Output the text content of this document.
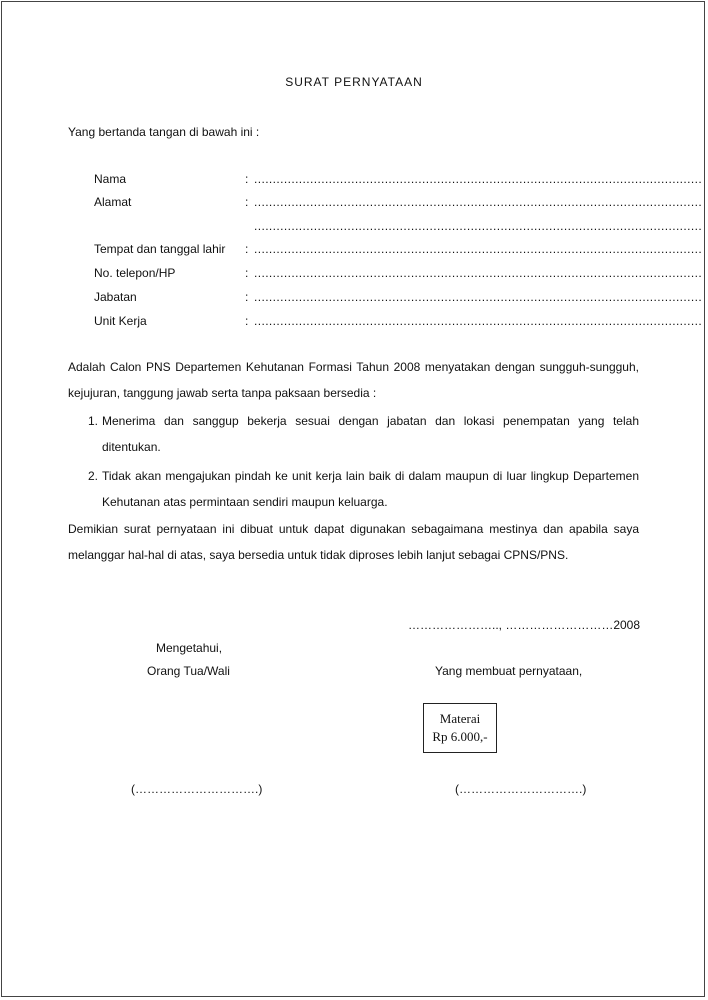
SURAT PERNYATAAN
Yang bertanda tangan di bawah ini :
Nama	: ........................................................................................................................
Alamat	: ........................................................................................................................
........................................................................................................................
Tempat dan tanggal lahir : ........................................................................................................................
No. telepon/HP	: ........................................................................................................................
Jabatan	: ........................................................................................................................
Unit Kerja	: ........................................................................................................................
Adalah Calon PNS Departemen Kehutanan Formasi Tahun 2008 menyatakan dengan sungguh-sungguh, kejujuran, tanggung jawab serta tanpa paksaan bersedia :
1. Menerima dan sanggup bekerja sesuai dengan jabatan dan lokasi penempatan yang telah ditentukan.
2. Tidak akan mengajukan pindah ke unit kerja lain baik di dalam maupun di luar lingkup Departemen Kehutanan atas permintaan sendiri maupun keluarga.
Demikian surat pernyataan ini dibuat untuk dapat digunakan sebagaimana mestinya dan apabila saya melanggar hal-hal di atas, saya bersedia untuk tidak diproses lebih lanjut sebagai CPNS/PNS.
………………….., ………………………2008
Mengetahui,
Orang Tua/Wali	Yang membuat pernyataan,
Materai
Rp 6.000,-
(………………………….)	(………………………….)
